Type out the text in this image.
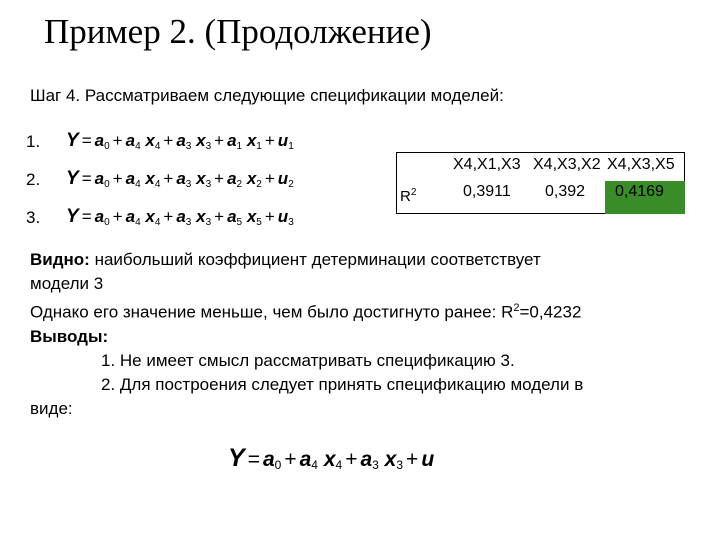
Пример 2. (Продолжение)
Шаг 4. Рассматриваем следующие спецификации моделей:
1. $Y = a_0 + a_4$ $x_4 + a_3$ $x_3 + a_1$ $x_1 + u_1$
2. $Y = a_0 + a_4$ $x_4 + a_3$ $x_3 + a_2$ $x_2 + u_2$
3. $Y = a_0 + a_4$ $x_4 + a_3$ $x_3 + a_5$ $x_5 + u_3$
$R^2$
X4,X1,X3 X4,X3,X2 X4,X3,X5
0,3911 0,392 0,4169

Видно: наибольший коэффициент детерминации соответствует

модели 3

Однако его значение меньше, чем было достигнуто ранее: $R^2=0,4232$

Выводы:

1. Не имеет смысл рассматривать спецификацию 3.

2. Для построения следует принять спецификацию модели в

виде:

$Y = a_0 + a_4$ $x_4 + a_3$ $x_3 + u$
